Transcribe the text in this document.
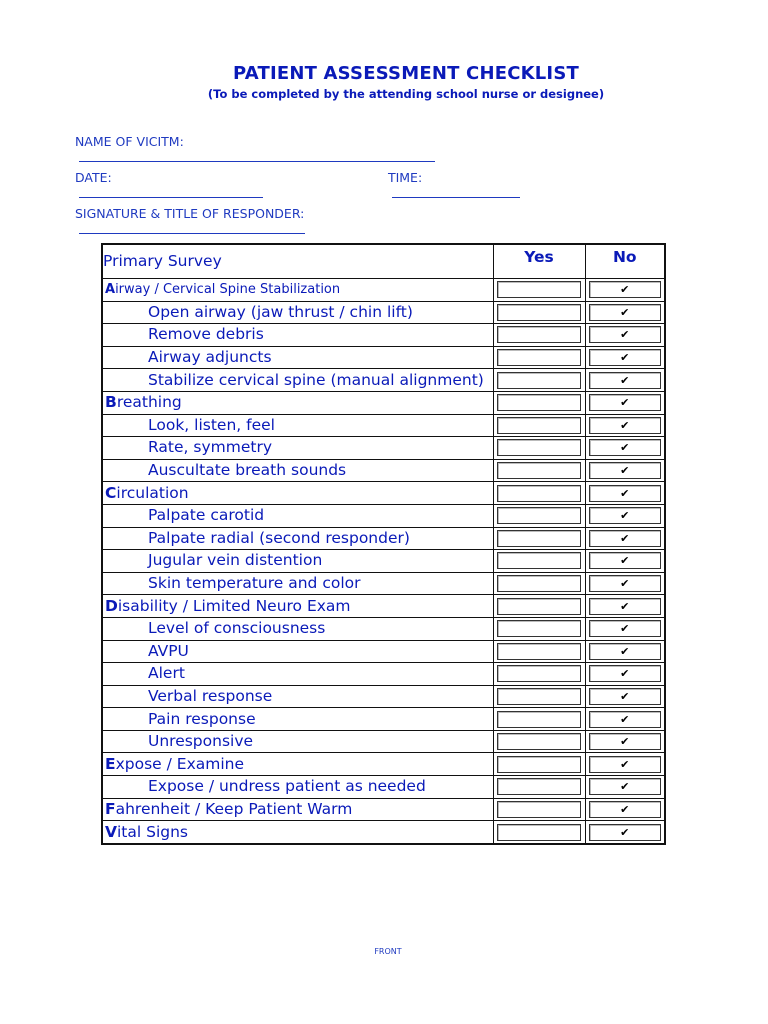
PATIENT ASSESSMENT CHECKLIST
(To be completed by the attending school nurse or designee)

NAME OF VICITM:

DATE:
	TIME:

SIGNATURE & TITLE OF RESPONDER:

Primary Survey	Yes	No
Airway / Cervical Spine Stabilization		✔
Open airway (jaw thrust / chin lift)		✔
Remove debris		✔
Airway adjuncts		✔
Stabilize cervical spine (manual alignment)		✔
Breathing		✔
Look, listen, feel		✔
Rate, symmetry		✔
Auscultate breath sounds		✔
Circulation		✔
Palpate carotid		✔
Palpate radial (second responder)		✔
Jugular vein distention		✔
Skin temperature and color		✔
Disability / Limited Neuro Exam		✔
Level of consciousness		✔
AVPU		✔
Alert		✔
Verbal response		✔
Pain response		✔
Unresponsive		✔
Expose / Examine		✔
Expose / undress patient as needed		✔
Fahrenheit / Keep Patient Warm		✔
Vital Signs		✔
FRONT
